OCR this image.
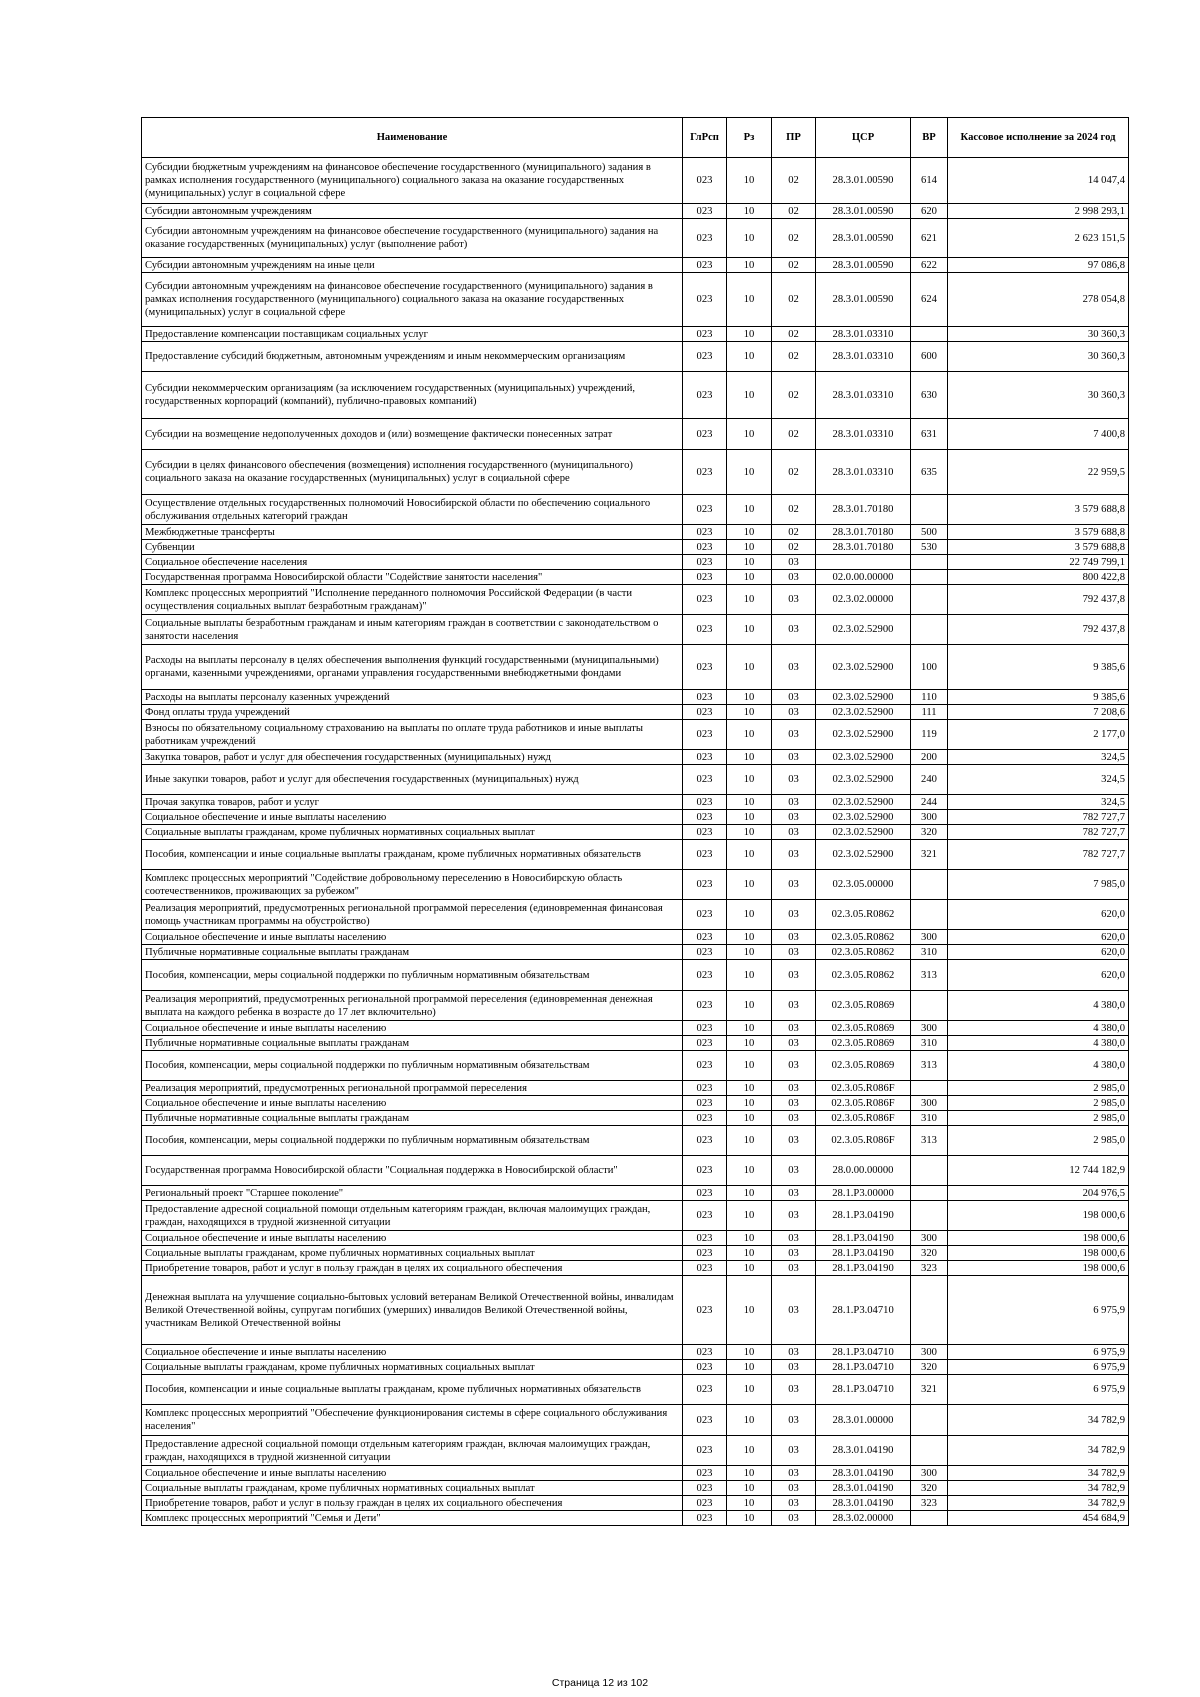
Наименование	ГлРсп	Рз	ПР	ЦСР	ВР	Кассовое исполнение за 2024 год
Субсидии бюджетным учреждениям на финансовое обеспечение государственного (муниципального) задания в рамках исполнения государственного (муниципального) социального заказа на оказание государственных (муниципальных) услуг в социальной сфере	023	10	02	28.3.01.00590	614	14 047,4
Субсидии автономным учреждениям	023	10	02	28.3.01.00590	620	2 998 293,1
Субсидии автономным учреждениям на финансовое обеспечение государственного (муниципального) задания на оказание государственных (муниципальных) услуг (выполнение работ)	023	10	02	28.3.01.00590	621	2 623 151,5
Субсидии автономным учреждениям на иные цели	023	10	02	28.3.01.00590	622	97 086,8
Субсидии автономным учреждениям на финансовое обеспечение государственного (муниципального) задания в рамках исполнения государственного (муниципального) социального заказа на оказание государственных (муниципальных) услуг в социальной сфере	023	10	02	28.3.01.00590	624	278 054,8
Предоставление компенсации поставщикам социальных услуг	023	10	02	28.3.01.03310		30 360,3
Предоставление субсидий бюджетным, автономным учреждениям и иным некоммерческим организациям	023	10	02	28.3.01.03310	600	30 360,3
Субсидии некоммерческим организациям (за исключением государственных (муниципальных) учреждений, государственных корпораций (компаний), публично-правовых компаний)	023	10	02	28.3.01.03310	630	30 360,3
Субсидии на возмещение недополученных доходов и (или) возмещение фактически понесенных затрат	023	10	02	28.3.01.03310	631	7 400,8
Субсидии в целях финансового обеспечения (возмещения) исполнения государственного (муниципального) социального заказа на оказание государственных (муниципальных) услуг в социальной сфере	023	10	02	28.3.01.03310	635	22 959,5
Осуществление отдельных государственных полномочий Новосибирской области по обеспечению социального обслуживания отдельных категорий граждан	023	10	02	28.3.01.70180		3 579 688,8
Межбюджетные трансферты	023	10	02	28.3.01.70180	500	3 579 688,8
Субвенции	023	10	02	28.3.01.70180	530	3 579 688,8
Социальное обеспечение населения	023	10	03			22 749 799,1
Государственная программа Новосибирской области "Содействие занятости населения"	023	10	03	02.0.00.00000		800 422,8
Комплекс процессных мероприятий "Исполнение переданного полномочия Российской Федерации (в части осуществления социальных выплат безработным гражданам)"	023	10	03	02.3.02.00000		792 437,8
Социальные выплаты безработным гражданам и иным категориям граждан в соответствии с законодательством о занятости населения	023	10	03	02.3.02.52900		792 437,8
Расходы на выплаты персоналу в целях обеспечения выполнения функций государственными (муниципальными) органами, казенными учреждениями, органами управления государственными внебюджетными фондами	023	10	03	02.3.02.52900	100	9 385,6
Расходы на выплаты персоналу казенных учреждений	023	10	03	02.3.02.52900	110	9 385,6
Фонд оплаты труда учреждений	023	10	03	02.3.02.52900	111	7 208,6
Взносы по обязательному социальному страхованию на выплаты по оплате труда работников и иные выплаты работникам учреждений	023	10	03	02.3.02.52900	119	2 177,0
Закупка товаров, работ и услуг для обеспечения государственных (муниципальных) нужд	023	10	03	02.3.02.52900	200	324,5
Иные закупки товаров, работ и услуг для обеспечения государственных (муниципальных) нужд	023	10	03	02.3.02.52900	240	324,5
Прочая закупка товаров, работ и услуг	023	10	03	02.3.02.52900	244	324,5
Социальное обеспечение и иные выплаты населению	023	10	03	02.3.02.52900	300	782 727,7
Социальные выплаты гражданам, кроме публичных нормативных социальных выплат	023	10	03	02.3.02.52900	320	782 727,7
Пособия, компенсации и иные социальные выплаты гражданам, кроме публичных нормативных обязательств	023	10	03	02.3.02.52900	321	782 727,7
Комплекс процессных мероприятий "Содействие добровольному переселению в Новосибирскую область соотечественников, проживающих за рубежом"	023	10	03	02.3.05.00000		7 985,0
Реализация мероприятий, предусмотренных региональной программой переселения (единовременная финансовая помощь участникам программы на обустройство)	023	10	03	02.3.05.R0862		620,0
Социальное обеспечение и иные выплаты населению	023	10	03	02.3.05.R0862	300	620,0
Публичные нормативные социальные выплаты гражданам	023	10	03	02.3.05.R0862	310	620,0
Пособия, компенсации, меры социальной поддержки по публичным нормативным обязательствам	023	10	03	02.3.05.R0862	313	620,0
Реализация мероприятий, предусмотренных региональной программой переселения (единовременная денежная выплата на каждого ребенка в возрасте до 17 лет включительно)	023	10	03	02.3.05.R0869		4 380,0
Социальное обеспечение и иные выплаты населению	023	10	03	02.3.05.R0869	300	4 380,0
Публичные нормативные социальные выплаты гражданам	023	10	03	02.3.05.R0869	310	4 380,0
Пособия, компенсации, меры социальной поддержки по публичным нормативным обязательствам	023	10	03	02.3.05.R0869	313	4 380,0
Реализация мероприятий, предусмотренных региональной программой переселения	023	10	03	02.3.05.R086F		2 985,0
Социальное обеспечение и иные выплаты населению	023	10	03	02.3.05.R086F	300	2 985,0
Публичные нормативные социальные выплаты гражданам	023	10	03	02.3.05.R086F	310	2 985,0
Пособия, компенсации, меры социальной поддержки по публичным нормативным обязательствам	023	10	03	02.3.05.R086F	313	2 985,0
Государственная программа Новосибирской области "Социальная поддержка в Новосибирской области"	023	10	03	28.0.00.00000		12 744 182,9
Региональный проект "Старшее поколение"	023	10	03	28.1.P3.00000		204 976,5
Предоставление адресной социальной помощи отдельным категориям граждан, включая малоимущих граждан, граждан, находящихся в трудной жизненной ситуации	023	10	03	28.1.P3.04190		198 000,6
Социальное обеспечение и иные выплаты населению	023	10	03	28.1.P3.04190	300	198 000,6
Социальные выплаты гражданам, кроме публичных нормативных социальных выплат	023	10	03	28.1.P3.04190	320	198 000,6
Приобретение товаров, работ и услуг в пользу граждан в целях их социального обеспечения	023	10	03	28.1.P3.04190	323	198 000,6
Денежная выплата на улучшение социально-бытовых условий ветеранам Великой Отечественной войны, инвалидам Великой Отечественной войны, супругам погибших (умерших) инвалидов Великой Отечественной войны, участникам Великой Отечественной войны	023	10	03	28.1.P3.04710		6 975,9
Социальное обеспечение и иные выплаты населению	023	10	03	28.1.P3.04710	300	6 975,9
Социальные выплаты гражданам, кроме публичных нормативных социальных выплат	023	10	03	28.1.P3.04710	320	6 975,9
Пособия, компенсации и иные социальные выплаты гражданам, кроме публичных нормативных обязательств	023	10	03	28.1.P3.04710	321	6 975,9
Комплекс процессных мероприятий "Обеспечение функционирования системы в сфере социального обслуживания населения"	023	10	03	28.3.01.00000		34 782,9
Предоставление адресной социальной помощи отдельным категориям граждан, включая малоимущих граждан, граждан, находящихся в трудной жизненной ситуации	023	10	03	28.3.01.04190		34 782,9
Социальное обеспечение и иные выплаты населению	023	10	03	28.3.01.04190	300	34 782,9
Социальные выплаты гражданам, кроме публичных нормативных социальных выплат	023	10	03	28.3.01.04190	320	34 782,9
Приобретение товаров, работ и услуг в пользу граждан в целях их социального обеспечения	023	10	03	28.3.01.04190	323	34 782,9
Комплекс процессных мероприятий "Семья и Дети"	023	10	03	28.3.02.00000		454 684,9
Страница 12 из 102
